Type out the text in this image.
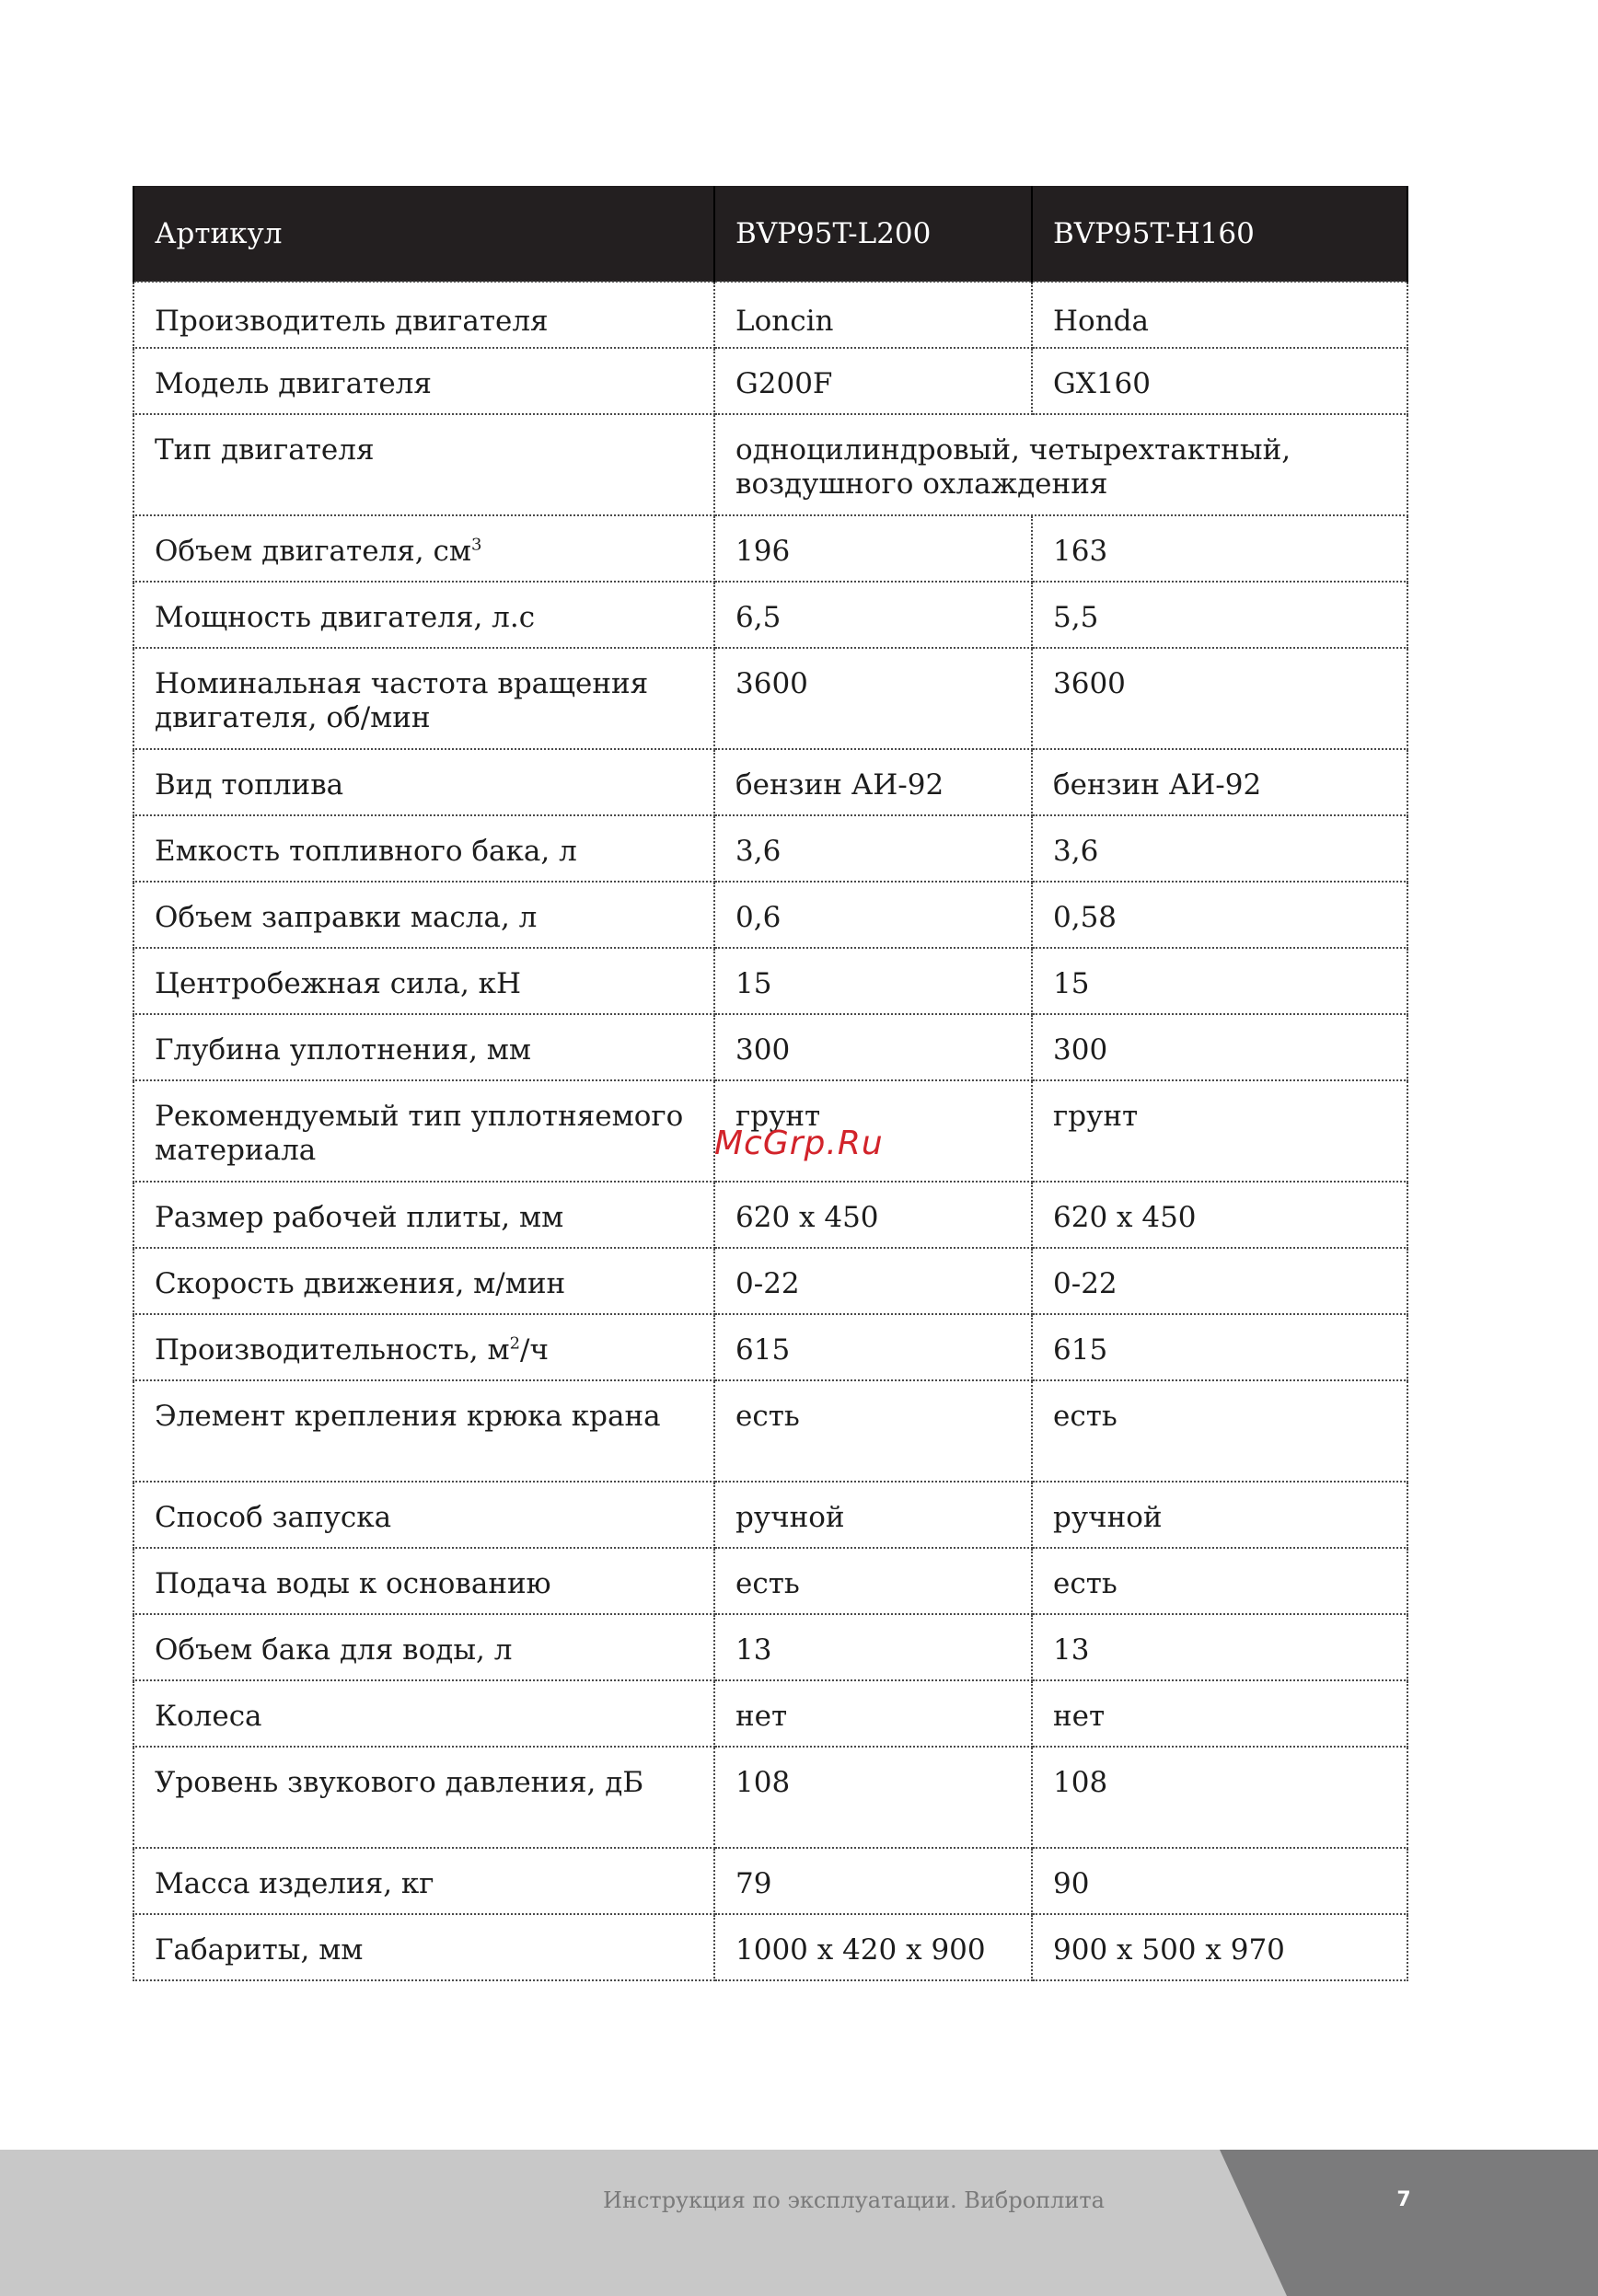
Артикул	BVP95T-L200	BVP95T-H160
Производитель двигателя	Loncin	Honda
Модель двигателя	G200F	GX160
Тип двигателя	одноцилиндровый, четырехтактный, воздушного охлаждения	
Объем двигателя, $см^3$	196	163
Мощность двигателя, л.с	6,5	5,5
Номинальная частота вращения двигателя, об/мин	3600	3600
Вид топлива	бензин АИ-92	бензин АИ-92
Емкость топливного бака, л	3,6	3,6
Объем заправки масла, л	0,6	0,58
Центробежная сила, кН	15	15
Глубина уплотнения, мм	300	300
Рекомендуемый тип уплотняемого материала	грунт	грунт
Размер рабочей плиты, мм	620 х 450	620 х 450
Скорость движения, м/мин	0-22	0-22
Производительность, $м^2/ч$	615	615
Элемент крепления крюка крана	есть	есть
Способ запуска	ручной	ручной
Подача воды к основанию	есть	есть
Объем бака для воды, л	13	13
Колеса	нет	нет
Уровень звукового давления, дБ	108	108
Масса изделия, кг	79	90
Габариты, мм	1000 х 420 х 900	900 х 500 х 970
McGrp.Ru
Инструкция по эксплуатации. Виброплита	7
